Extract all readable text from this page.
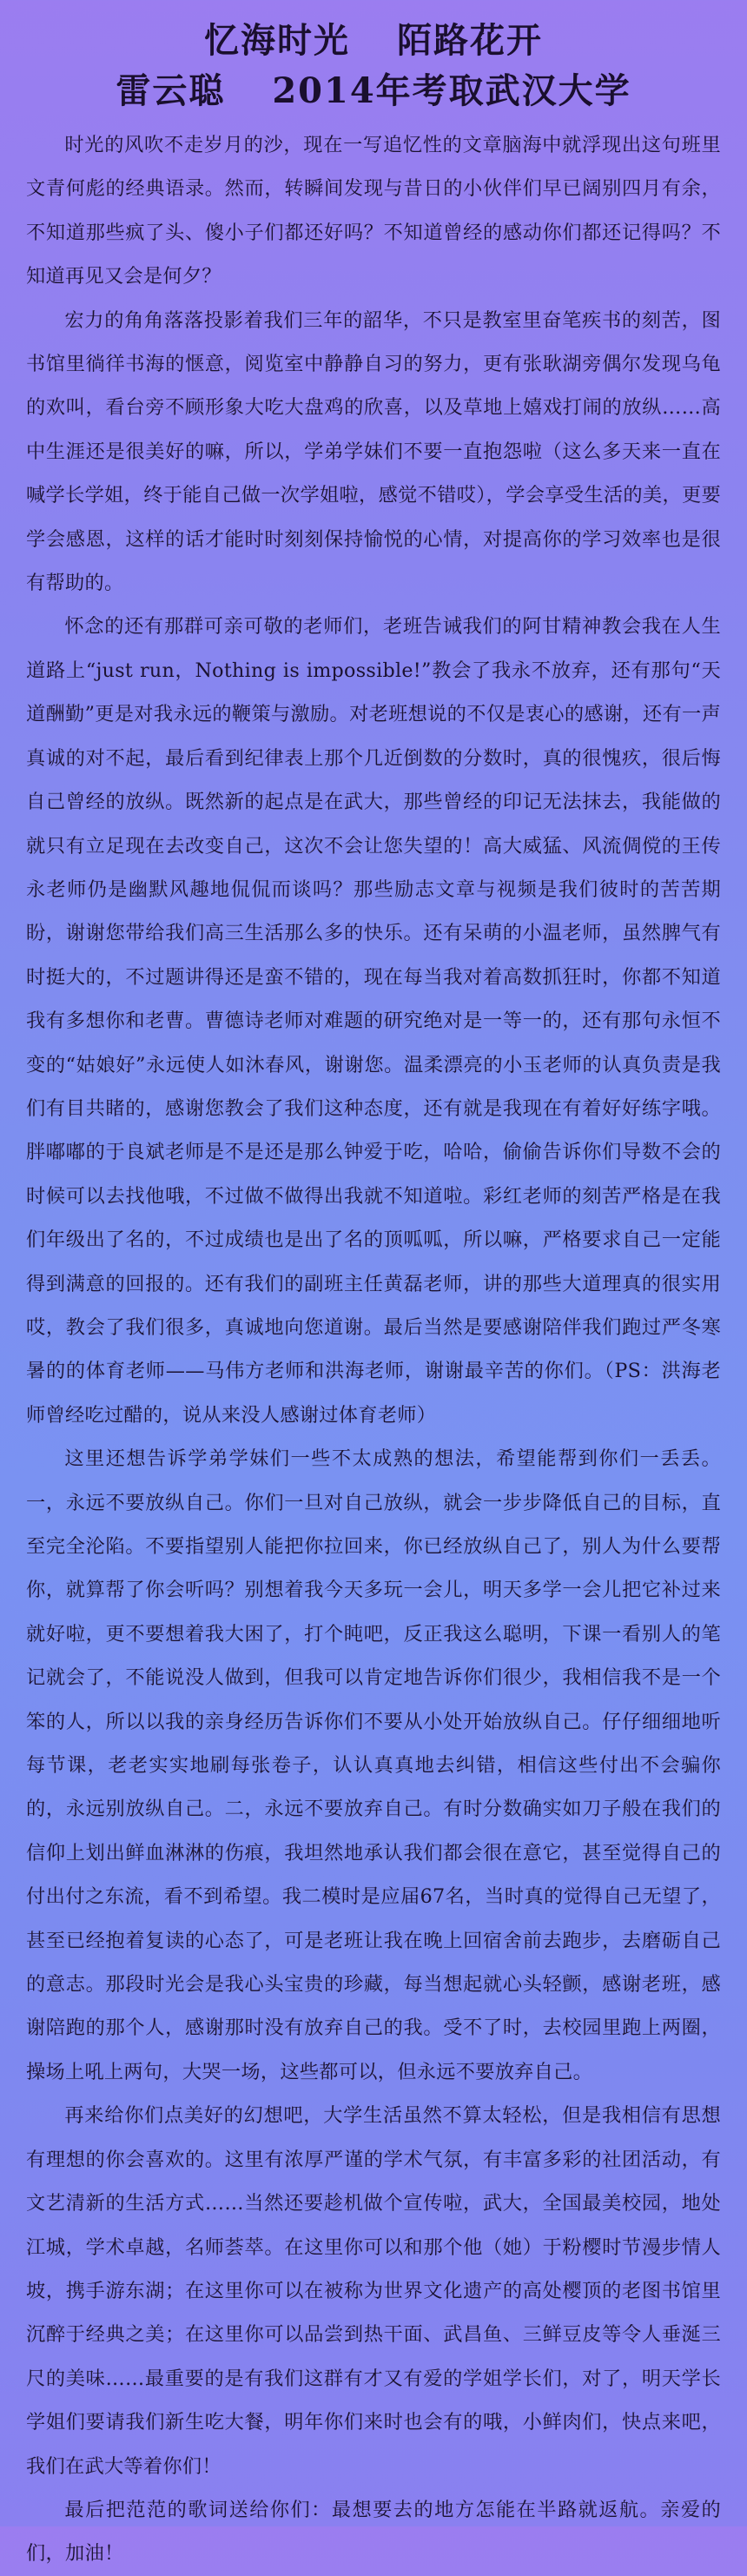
忆海时光 陌路花开
雷云聪 2014年考取武汉大学

时光的风吹不走岁月的沙，现在一写追忆性的文章脑海中就浮现出这句班里文青何彪的经典语录。然而，转瞬间发现与昔日的小伙伴们早已阔别四月有余，不知道那些疯了头、傻小子们都还好吗？不知道曾经的感动你们都还记得吗？不知道再见又会是何夕？

宏力的角角落落投影着我们三年的韶华，不只是教室里奋笔疾书的刻苦，图书馆里徜徉书海的惬意，阅览室中静静自习的努力，更有张耿湖旁偶尔发现乌龟的欢叫，看台旁不顾形象大吃大盘鸡的欣喜，以及草地上嬉戏打闹的放纵……高中生涯还是很美好的嘛，所以，学弟学妹们不要一直抱怨啦（这么多天来一直在喊学长学姐，终于能自己做一次学姐啦，感觉不错哎），学会享受生活的美，更要学会感恩，这样的话才能时时刻刻保持愉悦的心情，对提高你的学习效率也是很有帮助的。

怀念的还有那群可亲可敬的老师们，老班告诫我们的阿甘精神教会我在人生道路上“just run，Nothing is impossible!”教会了我永不放弃，还有那句“天道酬勤”更是对我永远的鞭策与激励。对老班想说的不仅是衷心的感谢，还有一声真诚的对不起，最后看到纪律表上那个几近倒数的分数时，真的很愧疚，很后悔自己曾经的放纵。既然新的起点是在武大，那些曾经的印记无法抹去，我能做的就只有立足现在去改变自己，这次不会让您失望的！高大威猛、风流倜傥的王传永老师仍是幽默风趣地侃侃而谈吗？那些励志文章与视频是我们彼时的苦苦期盼，谢谢您带给我们高三生活那么多的快乐。还有呆萌的小温老师，虽然脾气有时挺大的，不过题讲得还是蛮不错的，现在每当我对着高数抓狂时，你都不知道我有多想你和老曹。曹德诗老师对难题的研究绝对是一等一的，还有那句永恒不变的“姑娘好”永远使人如沐春风，谢谢您。温柔漂亮的小玉老师的认真负责是我们有目共睹的，感谢您教会了我们这种态度，还有就是我现在有着好好练字哦。胖嘟嘟的于良斌老师是不是还是那么钟爱于吃，哈哈，偷偷告诉你们导数不会的时候可以去找他哦，不过做不做得出我就不知道啦。彩红老师的刻苦严格是在我们年级出了名的，不过成绩也是出了名的顶呱呱，所以嘛，严格要求自己一定能得到满意的回报的。还有我们的副班主任黄磊老师，讲的那些大道理真的很实用哎，教会了我们很多，真诚地向您道谢。最后当然是要感谢陪伴我们跑过严冬寒暑的的体育老师——马伟方老师和洪海老师，谢谢最辛苦的你们。（PS：洪海老师曾经吃过醋的，说从来没人感谢过体育老师）

这里还想告诉学弟学妹们一些不太成熟的想法，希望能帮到你们一丢丢。一，永远不要放纵自己。你们一旦对自己放纵，就会一步步降低自己的目标，直至完全沦陷。不要指望别人能把你拉回来，你已经放纵自己了，别人为什么要帮你，就算帮了你会听吗？别想着我今天多玩一会儿，明天多学一会儿把它补过来就好啦，更不要想着我大困了，打个盹吧，反正我这么聪明，下课一看别人的笔记就会了，不能说没人做到，但我可以肯定地告诉你们很少，我相信我不是一个笨的人，所以以我的亲身经历告诉你们不要从小处开始放纵自己。仔仔细细地听每节课，老老实实地刷每张卷子，认认真真地去纠错，相信这些付出不会骗你的，永远别放纵自己。二，永远不要放弃自己。有时分数确实如刀子般在我们的信仰上划出鲜血淋淋的伤痕，我坦然地承认我们都会很在意它，甚至觉得自己的付出付之东流，看不到希望。我二模时是应届67名，当时真的觉得自己无望了，甚至已经抱着复读的心态了，可是老班让我在晚上回宿舍前去跑步，去磨砺自己的意志。那段时光会是我心头宝贵的珍藏，每当想起就心头轻颤，感谢老班，感谢陪跑的那个人，感谢那时没有放弃自己的我。受不了时，去校园里跑上两圈，操场上吼上两句，大哭一场，这些都可以，但永远不要放弃自己。

再来给你们点美好的幻想吧，大学生活虽然不算太轻松，但是我相信有思想有理想的你会喜欢的。这里有浓厚严谨的学术气氛，有丰富多彩的社团活动，有文艺清新的生活方式……当然还要趁机做个宣传啦，武大，全国最美校园，地处江城，学术卓越，名师荟萃。在这里你可以和那个他（她）于粉樱时节漫步情人坡，携手游东湖；在这里你可以在被称为世界文化遗产的高处樱顶的老图书馆里沉醉于经典之美；在这里你可以品尝到热干面、武昌鱼、三鲜豆皮等令人垂涎三尺的美味……最重要的是有我们这群有才又有爱的学姐学长们，对了，明天学长学姐们要请我们新生吃大餐，明年你们来时也会有的哦，小鲜肉们，快点来吧，我们在武大等着你们！

最后把范范的歌词送给你们：最想要去的地方怎能在半路就返航。亲爱的们，加油！
